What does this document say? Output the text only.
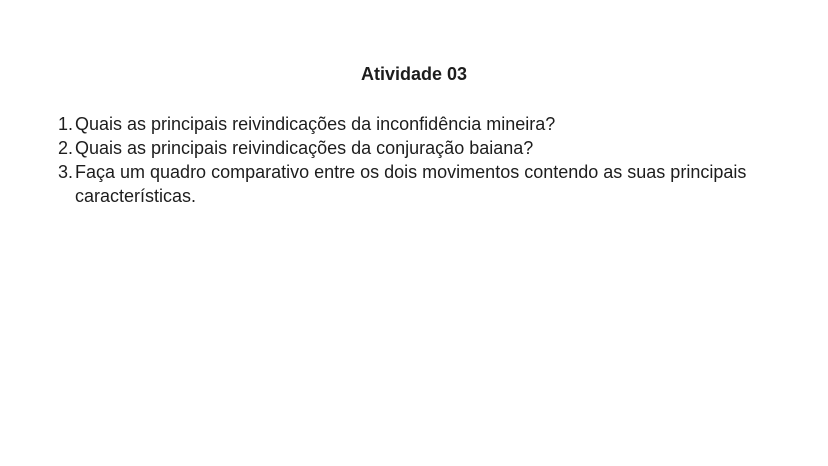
Atividade 03
1. Quais as principais reivindicações da inconfidência mineira?
2. Quais as principais reivindicações da conjuração baiana?
3. Faça um quadro comparativo entre os dois movimentos contendo as suas principais características.
